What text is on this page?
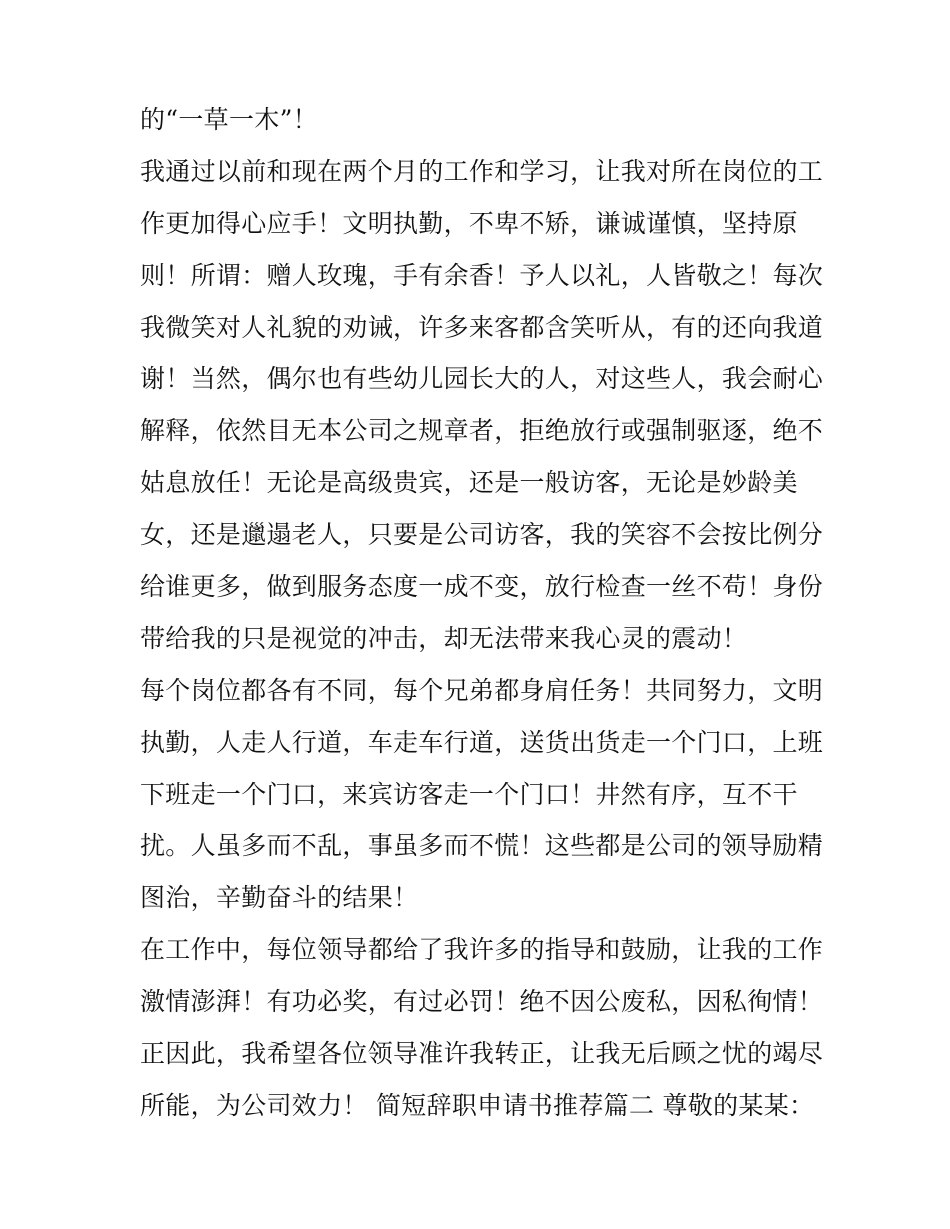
的“一草一木”！
我通过以前和现在两个月的工作和学习，让我对所在岗位的工
作更加得心应手！文明执勤，不卑不矫，谦诚谨慎，坚持原
则！所谓：赠人玫瑰，手有余香！予人以礼，人皆敬之！每次
我微笑对人礼貌的劝诫，许多来客都含笑听从，有的还向我道
谢！当然，偶尔也有些幼儿园长大的人，对这些人，我会耐心
解释，依然目无本公司之规章者，拒绝放行或强制驱逐，绝不
姑息放任！无论是高级贵宾，还是一般访客，无论是妙龄美
女，还是邋遢老人，只要是公司访客，我的笑容不会按比例分
给谁更多，做到服务态度一成不变，放行检查一丝不苟！身份
带给我的只是视觉的冲击，却无法带来我心灵的震动！
每个岗位都各有不同，每个兄弟都身肩任务！共同努力，文明
执勤，人走人行道，车走车行道，送货出货走一个门口，上班
下班走一个门口，来宾访客走一个门口！井然有序，互不干
扰。人虽多而不乱，事虽多而不慌！这些都是公司的领导励精
图治，辛勤奋斗的结果！
在工作中，每位领导都给了我许多的指导和鼓励，让我的工作
激情澎湃！有功必奖，有过必罚！绝不因公废私，因私徇情！
正因此，我希望各位领导准许我转正，让我无后顾之忧的竭尽
所能，为公司效力！ 简短辞职申请书推荐篇二 尊敬的某某：
